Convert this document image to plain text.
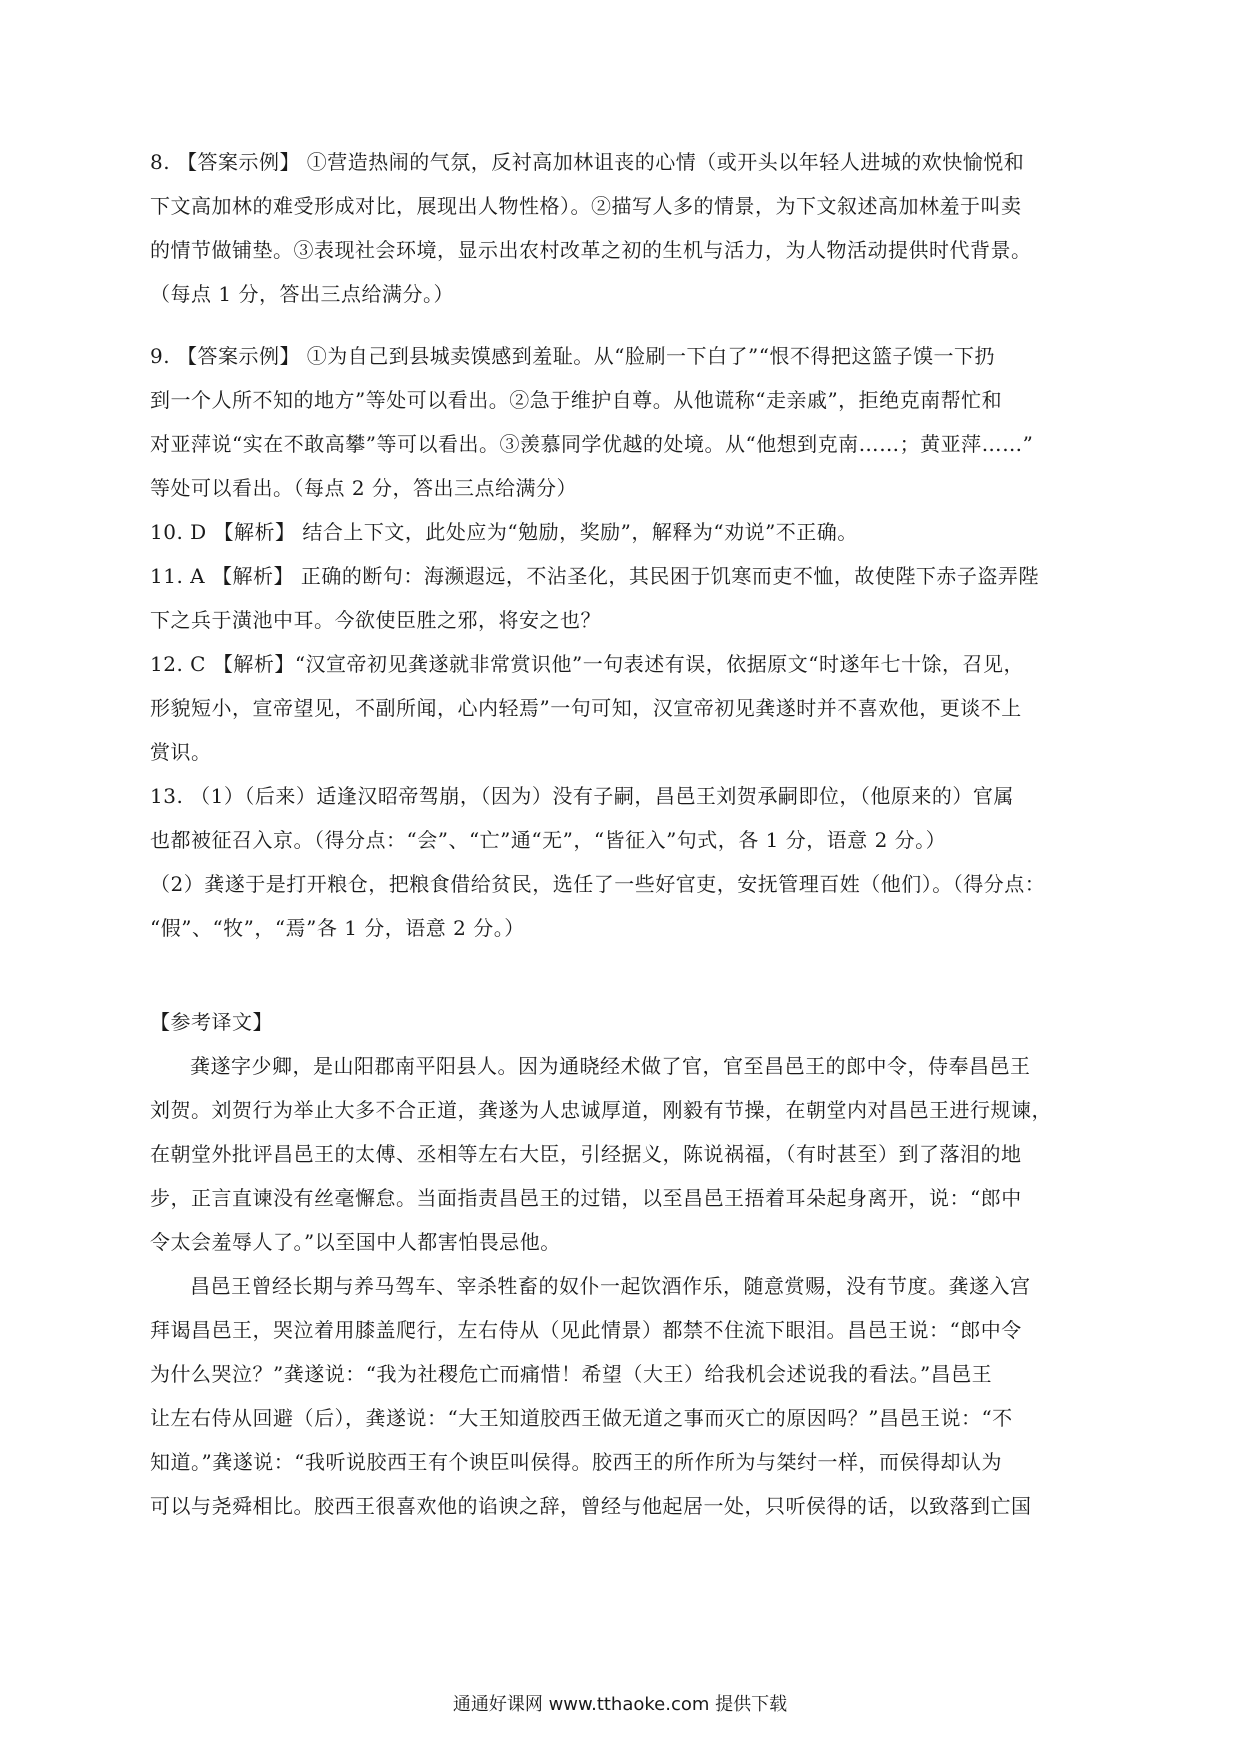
8. 【答案示例】 ①营造热闹的气氛，反衬高加林诅丧的心情（或开头以年轻人进城的欢快愉悦和

下文高加林的难受形成对比，展现出人物性格）。②描写人多的情景，为下文叙述高加林羞于叫卖

的情节做铺垫。③表现社会环境，显示出农村改革之初的生机与活力，为人物活动提供时代背景。

（每点 1 分，答出三点给满分。）

9. 【答案示例】 ①为自己到县城卖馍感到羞耻。从“脸刷一下白了”“恨不得把这篮子馍一下扔

到一个人所不知的地方”等处可以看出。②急于维护自尊。从他谎称“走亲戚”，拒绝克南帮忙和

对亚萍说“实在不敢高攀”等可以看出。③羡慕同学优越的处境。从“他想到克南……；黄亚萍……”

等处可以看出。（每点 2 分，答出三点给满分）

10. D 【解析】 结合上下文，此处应为“勉励，奖励”，解释为“劝说”不正确。

11. A 【解析】 正确的断句：海濒遐远，不沾圣化，其民困于饥寒而吏不恤，故使陛下赤子盗弄陛

下之兵于潢池中耳。今欲使臣胜之邪，将安之也？

12. C 【解析】“汉宣帝初见龚遂就非常赏识他”一句表述有误，依据原文“时遂年七十馀，召见，

形貌短小，宣帝望见，不副所闻，心内轻焉”一句可知，汉宣帝初见龚遂时并不喜欢他，更谈不上

赏识。

13. （1）（后来）适逢汉昭帝驾崩，（因为）没有子嗣，昌邑王刘贺承嗣即位，（他原来的）官属

也都被征召入京。（得分点：“会”、“亡”通“无”，“皆征入”句式，各 1 分，语意 2 分。）

（2）龚遂于是打开粮仓，把粮食借给贫民，选任了一些好官吏，安抚管理百姓（他们）。（得分点：

“假”、“牧”，“焉”各 1 分，语意 2 分。）

【参考译文】

龚遂字少卿，是山阳郡南平阳县人。因为通晓经术做了官，官至昌邑王的郎中令，侍奉昌邑王

刘贺。刘贺行为举止大多不合正道，龚遂为人忠诚厚道，刚毅有节操，在朝堂内对昌邑王进行规谏，

在朝堂外批评昌邑王的太傅、丞相等左右大臣，引经据义，陈说祸福，（有时甚至）到了落泪的地

步，正言直谏没有丝毫懈怠。当面指责昌邑王的过错，以至昌邑王捂着耳朵起身离开，说：“郎中

令太会羞辱人了。”以至国中人都害怕畏忌他。

昌邑王曾经长期与养马驾车、宰杀牲畜的奴仆一起饮酒作乐，随意赏赐，没有节度。龚遂入宫

拜谒昌邑王，哭泣着用膝盖爬行，左右侍从（见此情景）都禁不住流下眼泪。昌邑王说：“郎中令

为什么哭泣？”龚遂说：“我为社稷危亡而痛惜！希望（大王）给我机会述说我的看法。”昌邑王

让左右侍从回避（后），龚遂说：“大王知道胶西王做无道之事而灭亡的原因吗？”昌邑王说：“不

知道。”龚遂说：“我听说胶西王有个谀臣叫侯得。胶西王的所作所为与桀纣一样，而侯得却认为

可以与尧舜相比。胶西王很喜欢他的谄谀之辞，曾经与他起居一处，只听侯得的话，以致落到亡国

通通好课网 www.tthaoke.com 提供下载
